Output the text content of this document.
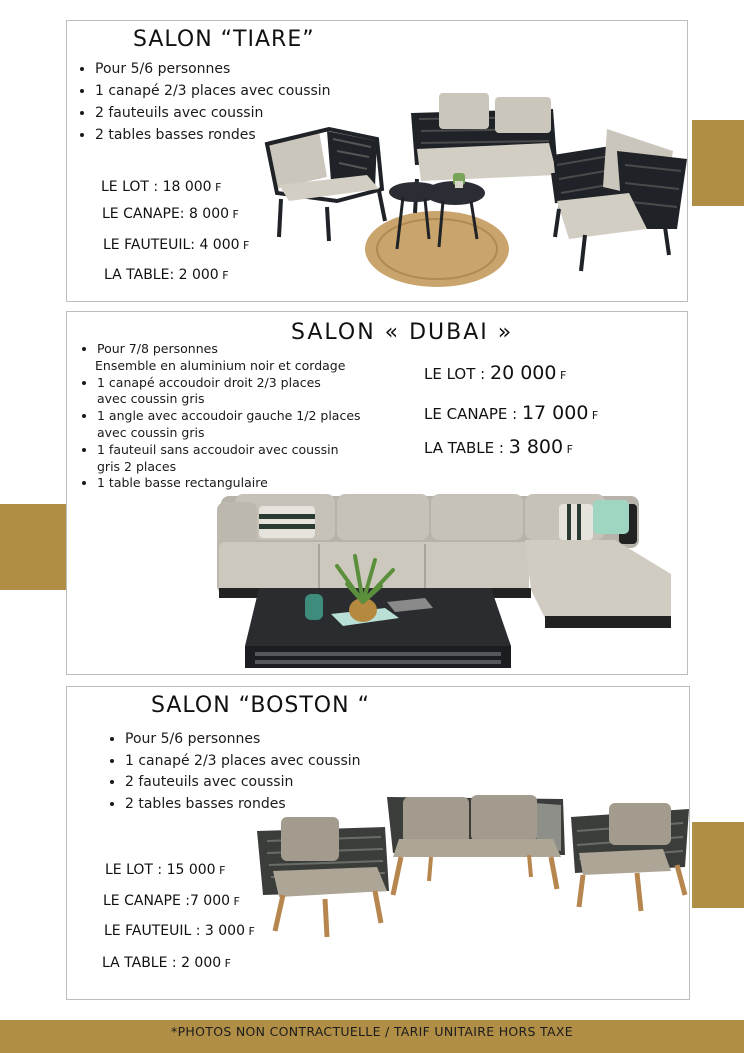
SALON “TIARE”
• Pour 5/6 personnes
• 1 canapé 2/3 places avec coussin
• 2 fauteuils avec coussin
• 2 tables basses rondes
LE LOT : 18 000 F
LE CANAPE: 8 000 F
LE FAUTEUIL: 4 000 F
LA TABLE: 2 000 F
SALON « DUBAI »
• Pour 7/8 personnes
Ensemble en aluminium noir et cordage
• 1 canapé accoudoir droit 2/3 places
avec coussin gris
• 1 angle avec accoudoir gauche 1/2 places
avec coussin gris
• 1 fauteuil sans accoudoir avec coussin
gris 2 places
• 1 table basse rectangulaire
LE LOT : 20 000 F
LE CANAPE : 17 000 F
LA TABLE : 3 800 F
SALON “BOSTON “
• Pour 5/6 personnes
• 1 canapé 2/3 places avec coussin
• 2 fauteuils avec coussin
• 2 tables basses rondes
LE LOT : 15 000 F
LE CANAPE :7 000 F
LE FAUTEUIL : 3 000 F
LA TABLE : 2 000 F
*PHOTOS NON CONTRACTUELLE / TARIF UNITAIRE HORS TAXE
